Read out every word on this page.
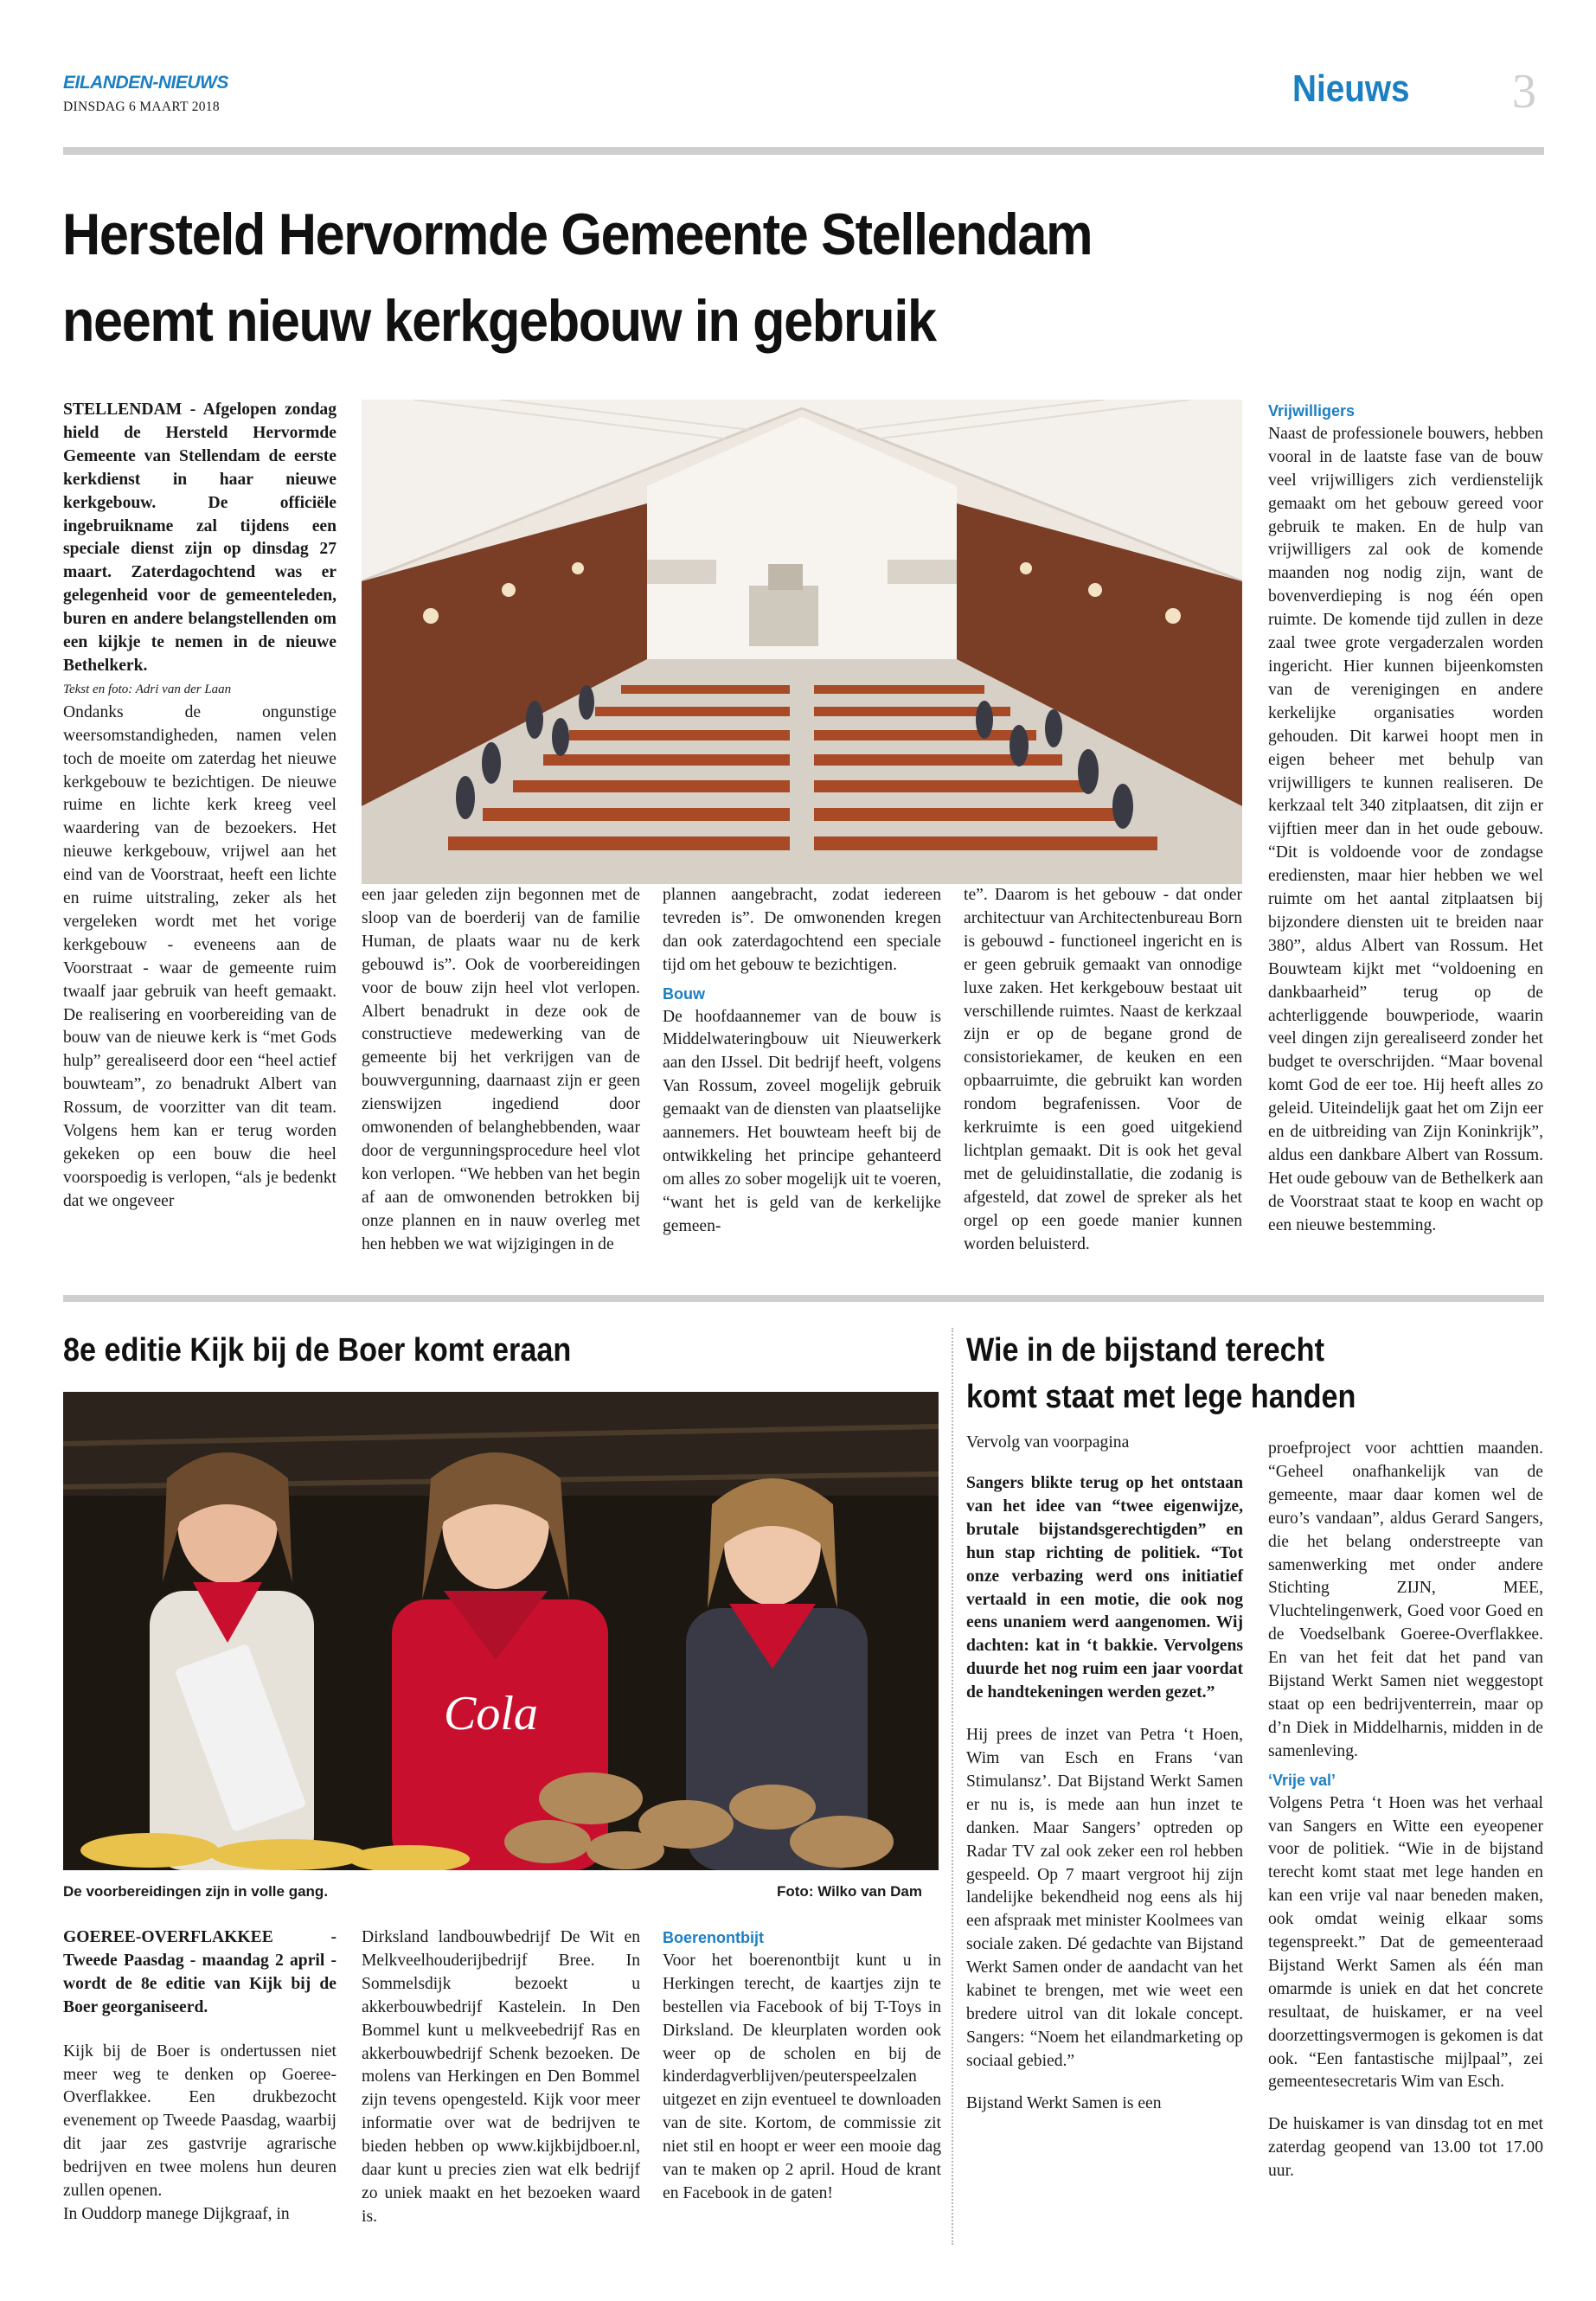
EILANDEN-NIEUWS
DINSDAG 6 MAART 2018	Nieuws 3
Hersteld Hervormde Gemeente Stellendam
neemt nieuw kerkgebouw in gebruik

STELLENDAM - Afgelopen zondag hield de Hersteld Hervormde Gemeente van Stellendam de eerste kerkdienst in haar nieuwe kerkgebouw. De officiële ingebruikname zal tijdens een speciale dienst zijn op dinsdag 27 maart. Zaterdagochtend was er gelegenheid voor de gemeenteleden, buren en andere belangstellenden om een kijkje te nemen in de nieuwe Bethelkerk.

Tekst en foto: Adri van der Laan

Ondanks de ongunstige weersomstandigheden, namen velen toch de moeite om zaterdag het nieuwe kerkgebouw te bezichtigen. De nieuwe ruime en lichte kerk kreeg veel waardering van de bezoekers. Het nieuwe kerkgebouw, vrijwel aan het eind van de Voorstraat, heeft een lichte en ruime uitstraling, zeker als het vergeleken wordt met het vorige kerkgebouw - eveneens aan de Voorstraat - waar de gemeente ruim twaalf jaar gebruik van heeft gemaakt. De realisering en voorbereiding van de bouw van de nieuwe kerk is “met Gods hulp” gerealiseerd door een “heel actief bouwteam”, zo benadrukt Albert van Rossum, de voorzitter van dit team. Volgens hem kan er terug worden gekeken op een bouw die heel voorspoedig is verlopen, “als je bedenkt dat we ongeveer

een jaar geleden zijn begonnen met de sloop van de boerderij van de familie Human, de plaats waar nu de kerk gebouwd is”. Ook de voorbereidingen voor de bouw zijn heel vlot verlopen. Albert benadrukt in deze ook de constructieve medewerking van de gemeente bij het verkrijgen van de bouwvergunning, daarnaast zijn er geen zienswijzen ingediend door omwonenden of belanghebbenden, waar door de vergunningsprocedure heel vlot kon verlopen. “We hebben van het begin af aan de omwonenden betrokken bij onze plannen en in nauw overleg met hen hebben we wat wijzigingen in de

plannen aangebracht, zodat iedereen tevreden is”. De omwonenden kregen dan ook zaterdagochtend een speciale tijd om het gebouw te bezichtigen.

Bouw

De hoofdaannemer van de bouw is Middelwateringbouw uit Nieuwerkerk aan den IJssel. Dit bedrijf heeft, volgens Van Rossum, zoveel mogelijk gebruik gemaakt van de diensten van plaatselijke aannemers. Het bouwteam heeft bij de ontwikkeling het principe gehanteerd om alles zo sober mogelijk uit te voeren, “want het is geld van de kerkelijke gemeen-

te”. Daarom is het gebouw - dat onder architectuur van Architectenbureau Born is gebouwd - functioneel ingericht en is er geen gebruik gemaakt van onnodige luxe zaken. Het kerkgebouw bestaat uit verschillende ruimtes. Naast de kerkzaal zijn er op de begane grond de consistoriekamer, de keuken en een opbaarruimte, die gebruikt kan worden rondom begrafenissen. Voor de kerkruimte is een goed uitgekiend lichtplan gemaakt. Dit is ook het geval met de geluidinstallatie, die zodanig is afgesteld, dat zowel de spreker als het orgel op een goede manier kunnen worden beluisterd.

Vrijwilligers

Naast de professionele bouwers, hebben vooral in de laatste fase van de bouw veel vrijwilligers zich verdienstelijk gemaakt om het gebouw gereed voor gebruik te maken. En de hulp van vrijwilligers zal ook de komende maanden nog nodig zijn, want de bovenverdieping is nog één open ruimte. De komende tijd zullen in deze zaal twee grote vergaderzalen worden ingericht. Hier kunnen bijeenkomsten van de verenigingen en andere kerkelijke organisaties worden gehouden. Dit karwei hoopt men in eigen beheer met behulp van vrijwilligers te kunnen realiseren. De kerkzaal telt 340 zitplaatsen, dit zijn er vijftien meer dan in het oude gebouw. “Dit is voldoende voor de zondagse erediensten, maar hier hebben we wel ruimte om het aantal zitplaatsen bij bijzondere diensten uit te breiden naar 380”, aldus Albert van Rossum. Het Bouwteam kijkt met “voldoening en dankbaarheid” terug op de achterliggende bouwperiode, waarin veel dingen zijn gerealiseerd zonder het budget te overschrijden. “Maar bovenal komt God de eer toe. Hij heeft alles zo geleid. Uiteindelijk gaat het om Zijn eer en de uitbreiding van Zijn Koninkrijk”, aldus een dankbare Albert van Rossum. Het oude gebouw van de Bethelkerk aan de Voorstraat staat te koop en wacht op een nieuwe bestemming.

8e editie Kijk bij de Boer komt eraan
Cola
De voorbereidingen zijn in volle gang.	Foto: Wilko van Dam

GOEREE-OVERFLAKKEE - Tweede Paasdag - maandag 2 april - wordt de 8e editie van Kijk bij de Boer georganiseerd.

Kijk bij de Boer is ondertussen niet meer weg te denken op Goeree-Overflakkee. Een drukbezocht evenement op Tweede Paasdag, waarbij dit jaar zes gastvrije agrarische bedrijven en twee molens hun deuren zullen openen.

In Ouddorp manege Dijkgraaf, in

Dirksland landbouwbedrijf De Wit en Melkveelhouderijbedrijf Bree. In Sommelsdijk bezoekt u akkerbouwbedrijf Kastelein. In Den Bommel kunt u melkveebedrijf Ras en akkerbouwbedrijf Schenk bezoeken. De molens van Herkingen en Den Bommel zijn tevens opengesteld. Kijk voor meer informatie over wat de bedrijven te bieden hebben op www.kijkbijdboer.nl, daar kunt u precies zien wat elk bedrijf zo uniek maakt en het bezoeken waard is.

Boerenontbijt

Voor het boerenontbijt kunt u in Herkingen terecht, de kaartjes zijn te bestellen via Facebook of bij T-Toys in Dirksland. De kleurplaten worden ook weer op de scholen en bij de kinderdagverblijven/peuterspeelzalen uitgezet en zijn eventueel te downloaden van de site. Kortom, de commissie zit niet stil en hoopt er weer een mooie dag van te maken op 2 april. Houd de krant en Facebook in de gaten!

Wie in de bijstand terecht
komt staat met lege handen
Vervolg van voorpagina

Sangers blikte terug op het ontstaan van het idee van “twee eigenwijze, brutale bijstandsgerechtigden” en hun stap richting de politiek. “Tot onze verbazing werd ons initiatief vertaald in een motie, die ook nog eens unaniem werd aangenomen. Wij dachten: kat in ‘t bakkie. Vervolgens duurde het nog ruim een jaar voordat de handtekeningen werden gezet.”

Hij prees de inzet van Petra ‘t Hoen, Wim van Esch en Frans ‘van Stimulansz’. Dat Bijstand Werkt Samen er nu is, is mede aan hun inzet te danken. Maar Sangers’ optreden op Radar TV zal ook zeker een rol hebben gespeeld. Op 7 maart vergroot hij zijn landelijke bekendheid nog eens als hij een afspraak met minister Koolmees van sociale zaken. Dé gedachte van Bijstand Werkt Samen onder de aandacht van het kabinet te brengen, met wie weet een bredere uitrol van dit lokale concept. Sangers: “Noem het eilandmarketing op sociaal gebied.”

Bijstand Werkt Samen is een

proefproject voor achttien maanden. “Geheel onafhankelijk van de gemeente, maar daar komen wel de euro’s vandaan”, aldus Gerard Sangers, die het belang onderstreepte van samenwerking met onder andere Stichting ZIJN, MEE, Vluchtelingenwerk, Goed voor Goed en de Voedselbank Goeree-Overflakkee. En van het feit dat het pand van Bijstand Werkt Samen niet weggestopt staat op een bedrijventerrein, maar op d’n Diek in Middelharnis, midden in de samenleving.

‘Vrije val’

Volgens Petra ‘t Hoen was het verhaal van Sangers en Witte een eyeopener voor de politiek. “Wie in de bijstand terecht komt staat met lege handen en kan een vrije val naar beneden maken, ook omdat weinig elkaar soms tegenspreekt.” Dat de gemeenteraad Bijstand Werkt Samen als één man omarmde is uniek en dat het concrete resultaat, de huiskamer, er na veel doorzettingsvermogen is gekomen is dat ook. “Een fantastische mijlpaal”, zei gemeentesecretaris Wim van Esch.

De huiskamer is van dinsdag tot en met zaterdag geopend van 13.00 tot 17.00 uur.
